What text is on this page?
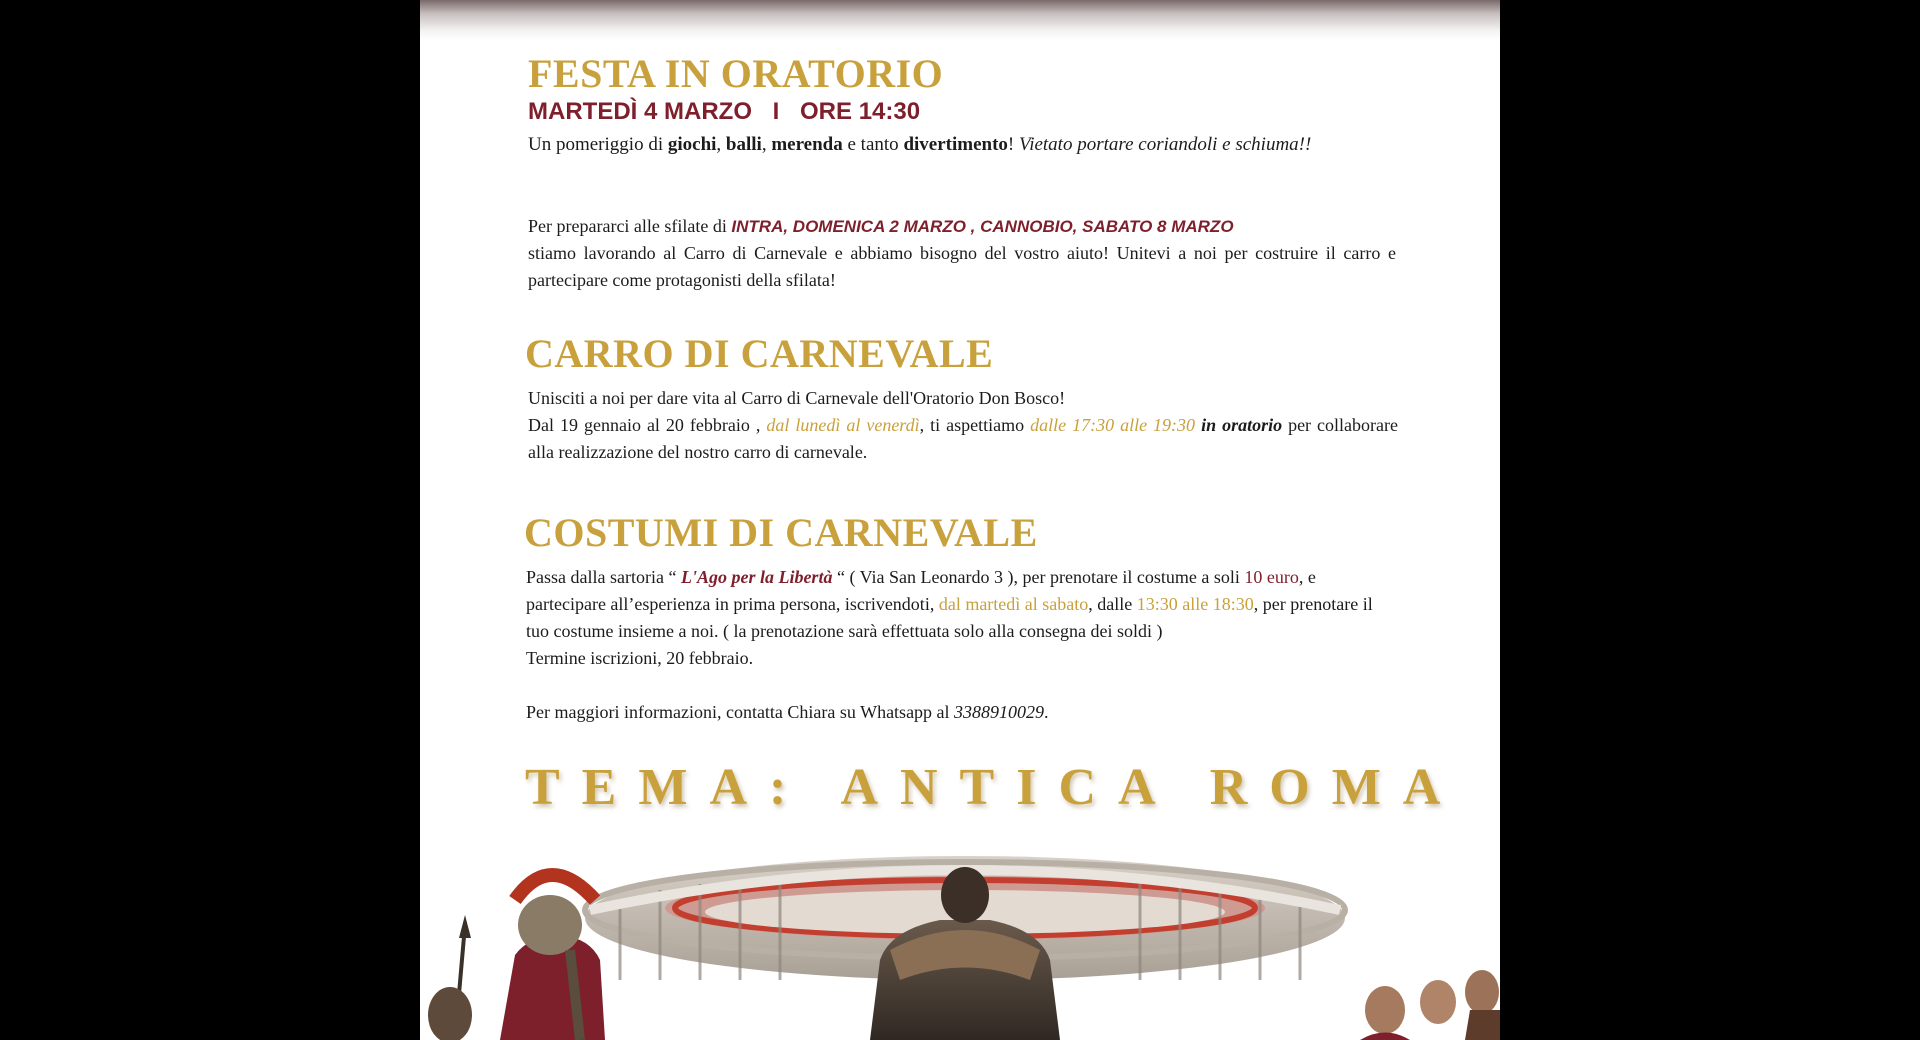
FESTA IN ORATORIO

MARTEDÌ 4 MARZO I ORE 14:30

Un pomeriggio di giochi, balli, merenda e tanto divertimento! Vietato portare coriandoli e schiuma!!

Per prepararci alle sfilate di INTRA, DOMENICA 2 MARZO , CANNOBIO, SABATO 8 MARZO
stiamo lavorando al Carro di Carnevale e abbiamo bisogno del vostro aiuto! Unitevi a noi per costruire il carro e partecipare come protagonisti della sfilata!

CARRO DI CARNEVALE

Unisciti a noi per dare vita al Carro di Carnevale dell'Oratorio Don Bosco!
Dal 19 gennaio al 20 febbraio , dal lunedì al venerdì, ti aspettiamo dalle 17:30 alle 19:30 in oratorio per collaborare alla realizzazione del nostro carro di carnevale.

COSTUMI DI CARNEVALE

Passa dalla sartoria “ L'Ago per la Libertà “ ( Via San Leonardo 3 ), per prenotare il costume a soli 10 euro, e partecipare all’esperienza in prima persona, iscrivendoti, dal martedì al sabato, dalle 13:30 alle 18:30, per prenotare il tuo costume insieme a noi. ( la prenotazione sarà effettuata solo alla consegna dei soldi )
Termine iscrizioni, 20 febbraio.

Per maggiori informazioni, contatta Chiara su Whatsapp al 3388910029.

TEMA: ANTICA ROMA
